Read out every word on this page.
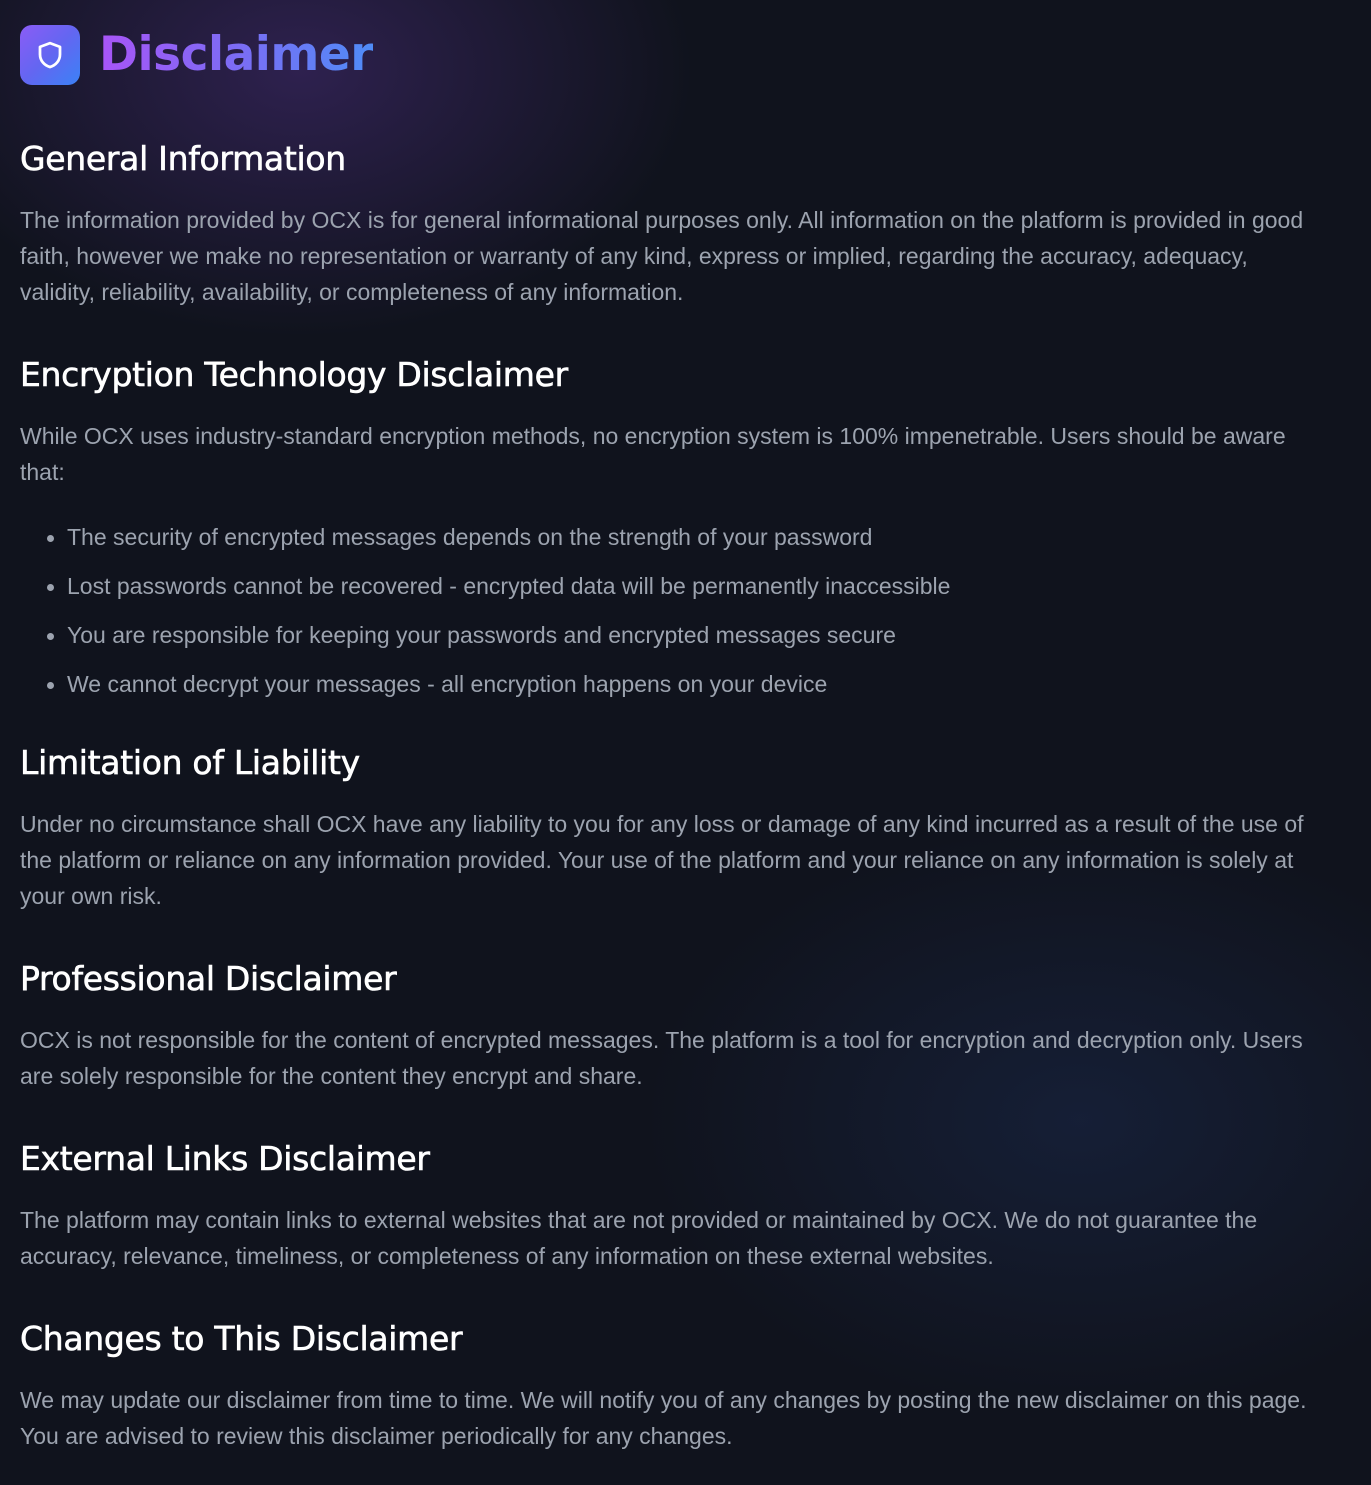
Disclaimer
General Information

The information provided by OCX is for general informational purposes only. All information on the platform is provided in good faith, however we make no representation or warranty of any kind, express or implied, regarding the accuracy, adequacy, validity, reliability, availability, or completeness of any information.

Encryption Technology Disclaimer

While OCX uses industry-standard encryption methods, no encryption system is 100% impenetrable. Users should be aware that:

The security of encrypted messages depends on the strength of your password
Lost passwords cannot be recovered - encrypted data will be permanently inaccessible
You are responsible for keeping your passwords and encrypted messages secure
We cannot decrypt your messages - all encryption happens on your device
Limitation of Liability

Under no circumstance shall OCX have any liability to you for any loss or damage of any kind incurred as a result of the use of the platform or reliance on any information provided. Your use of the platform and your reliance on any information is solely at your own risk.

Professional Disclaimer

OCX is not responsible for the content of encrypted messages. The platform is a tool for encryption and decryption only. Users are solely responsible for the content they encrypt and share.

External Links Disclaimer

The platform may contain links to external websites that are not provided or maintained by OCX. We do not guarantee the accuracy, relevance, timeliness, or completeness of any information on these external websites.

Changes to This Disclaimer

We may update our disclaimer from time to time. We will notify you of any changes by posting the new disclaimer on this page. You are advised to review this disclaimer periodically for any changes.
